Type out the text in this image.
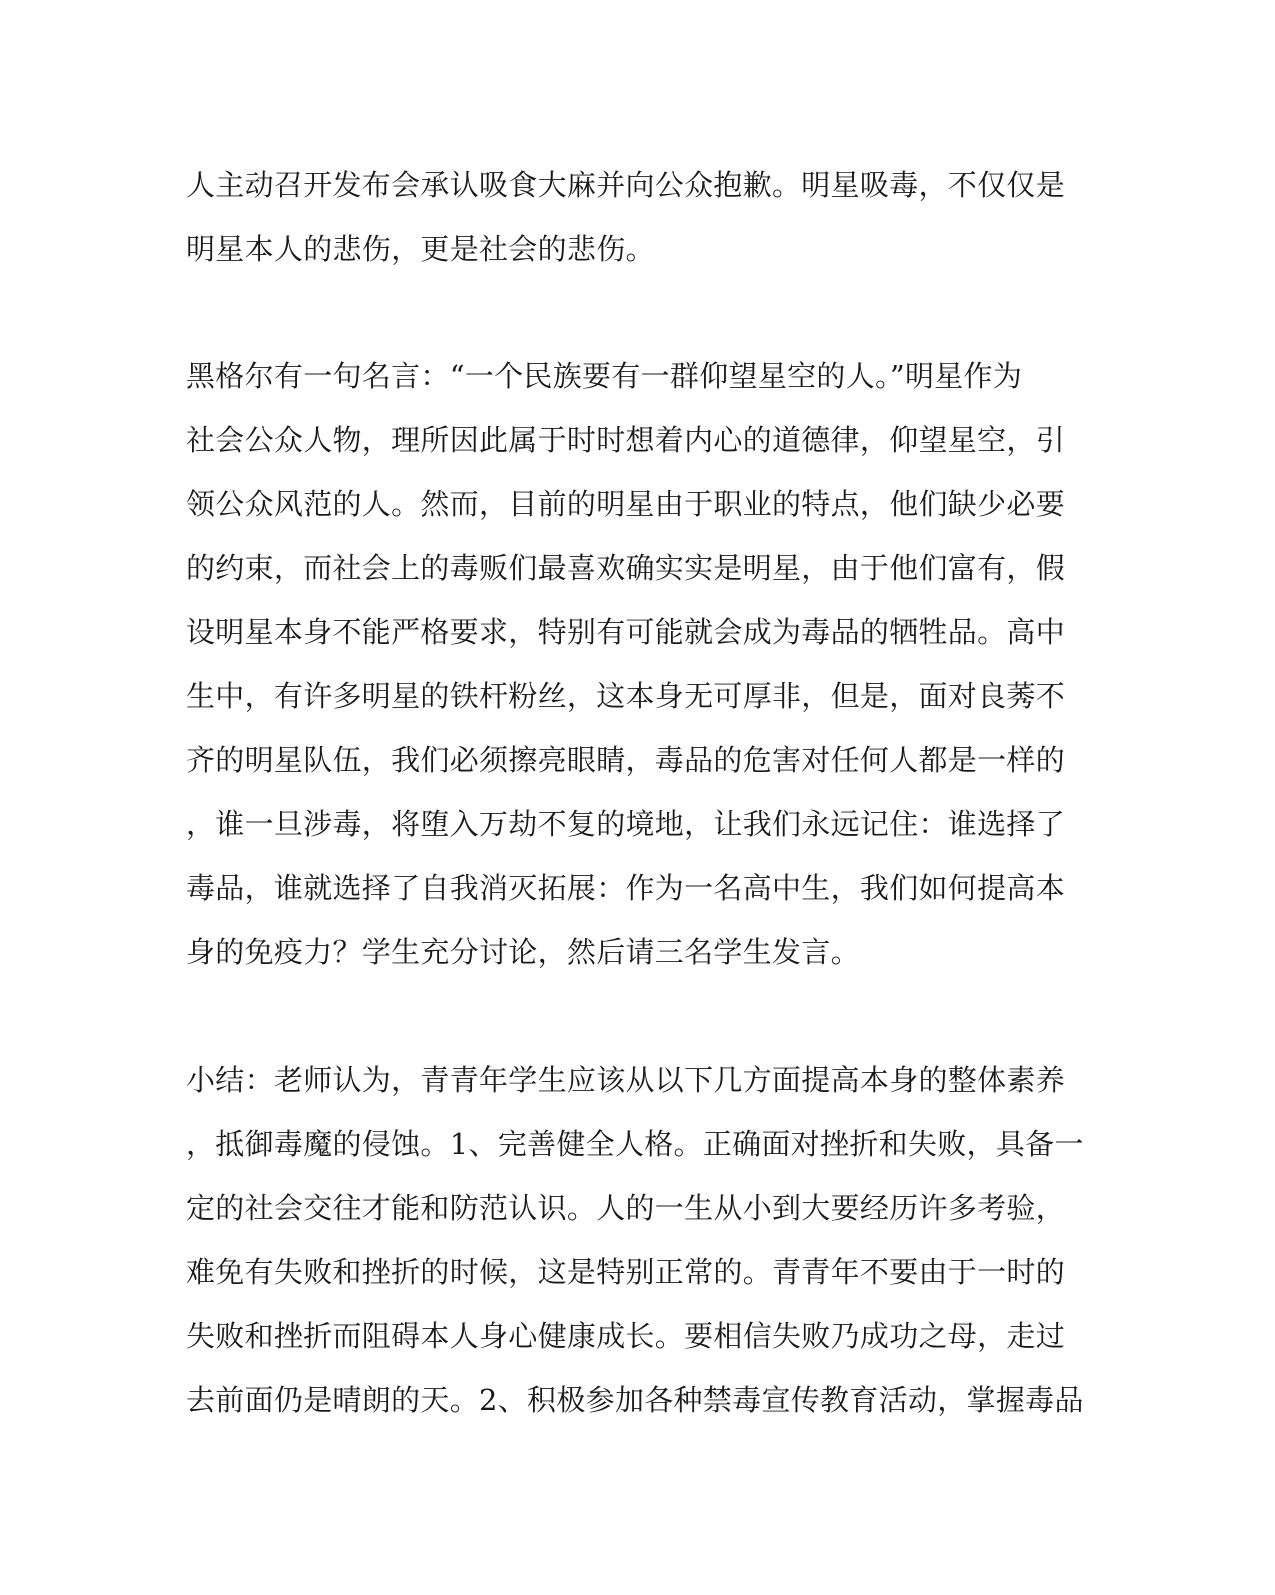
人主动召开发布会承认吸食大麻并向公众抱歉。明星吸毒，不仅仅是
明星本人的悲伤，更是社会的悲伤。
黑格尔有一句名言：“一个民族要有一群仰望星空的人。”明星作为
社会公众人物，理所因此属于时时想着内心的道德律，仰望星空，引
领公众风范的人。然而，目前的明星由于职业的特点，他们缺少必要
的约束，而社会上的毒贩们最喜欢确实实是明星，由于他们富有，假
设明星本身不能严格要求，特别有可能就会成为毒品的牺牲品。高中
生中，有许多明星的铁杆粉丝，这本身无可厚非，但是，面对良莠不
齐的明星队伍，我们必须擦亮眼睛，毒品的危害对任何人都是一样的
，谁一旦涉毒，将堕入万劫不复的境地，让我们永远记住：谁选择了
毒品，谁就选择了自我消灭拓展：作为一名高中生，我们如何提高本
身的免疫力？学生充分讨论，然后请三名学生发言。
小结：老师认为，青青年学生应该从以下几方面提高本身的整体素养
，抵御毒魔的侵蚀。1、完善健全人格。正确面对挫折和失败，具备一
定的社会交往才能和防范认识。人的一生从小到大要经历许多考验，
难免有失败和挫折的时候，这是特别正常的。青青年不要由于一时的
失败和挫折而阻碍本人身心健康成长。要相信失败乃成功之母，走过
去前面仍是晴朗的天。2、积极参加各种禁毒宣传教育活动，掌握毒品
